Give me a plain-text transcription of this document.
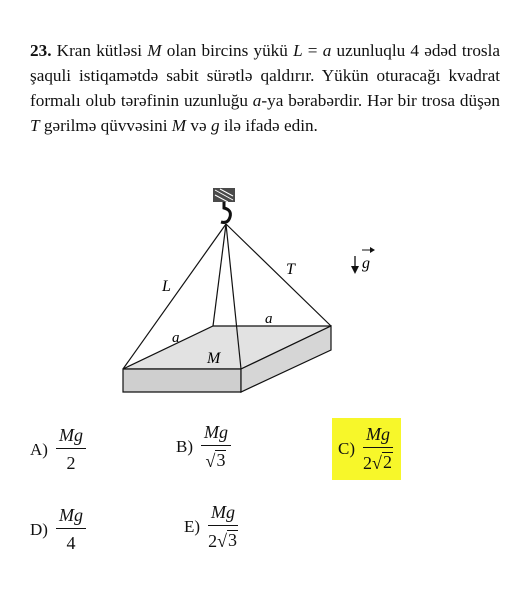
23. Kran kütləsi M olan bircins yükü L = a uzunluqlu 4 ədəd trosla şaquli istiqamətdə sabit sürətlə qaldırır. Yükün oturacağı kvadrat formalı olub tərəfinin uzunluğu a-ya bərabərdir. Hər bir trosa düşən T gərilmə qüvvəsini M və g ilə ifadə edin.
L
T
a
a
M
g
$A) \frac{Mg}{2}$	$B) \frac{Mg}{√ 3}$	$C) \frac{Mg}{2 √ 2}$
$D) \frac{Mg}{4}$	$E) \frac{Mg}{2 √ 3}$
